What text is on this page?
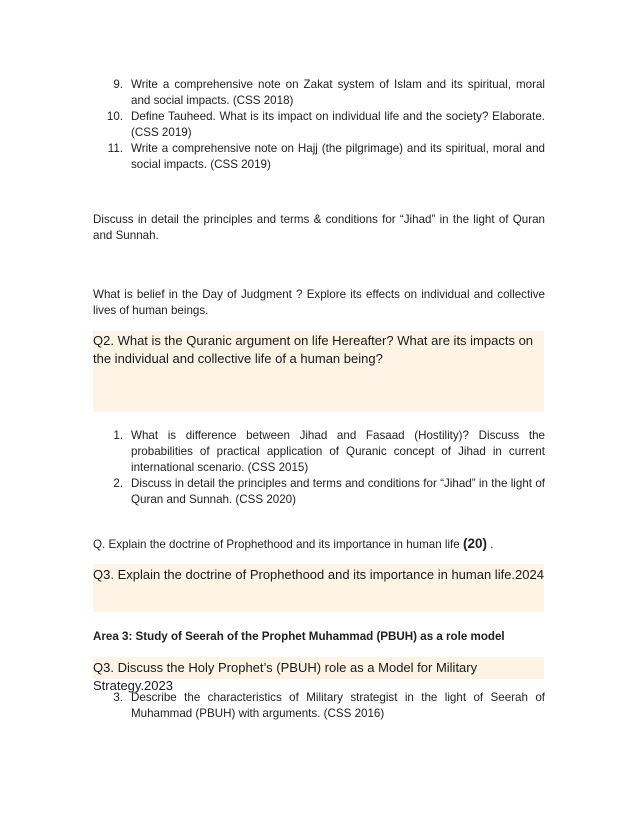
9. Write a comprehensive note on Zakat system of Islam and its spiritual, moral and social impacts. (CSS 2018)
10. Define Tauheed. What is its impact on individual life and the society? Elaborate. (CSS 2019)
11. Write a comprehensive note on Hajj (the pilgrimage) and its spiritual, moral and social impacts. (CSS 2019)
Discuss in detail the principles and terms & conditions for “Jihad” in the light of Quran and Sunnah.
What is belief in the Day of Judgment ? Explore its effects on individual and collective lives of human beings.
Q2. What is the Quranic argument on life Hereafter? What are its impacts on the individual and collective life of a human being?
1. What is difference between Jihad and Fasaad (Hostility)? Discuss the probabilities of practical application of Quranic concept of Jihad in current international scenario. (CSS 2015)
2. Discuss in detail the principles and terms and conditions for “Jihad” in the light of Quran and Sunnah. (CSS 2020)
Q. Explain the doctrine of Prophethood and its importance in human life (20) .
Q3. Explain the doctrine of Prophethood and its importance in human life.2024
Area 3: Study of Seerah of the Prophet Muhammad (PBUH) as a role model
Q3. Discuss the Holy Prophet’s (PBUH) role as a Model for Military Strategy.2023
3. Describe the characteristics of Military strategist in the light of Seerah of Muhammad (PBUH) with arguments. (CSS 2016)
